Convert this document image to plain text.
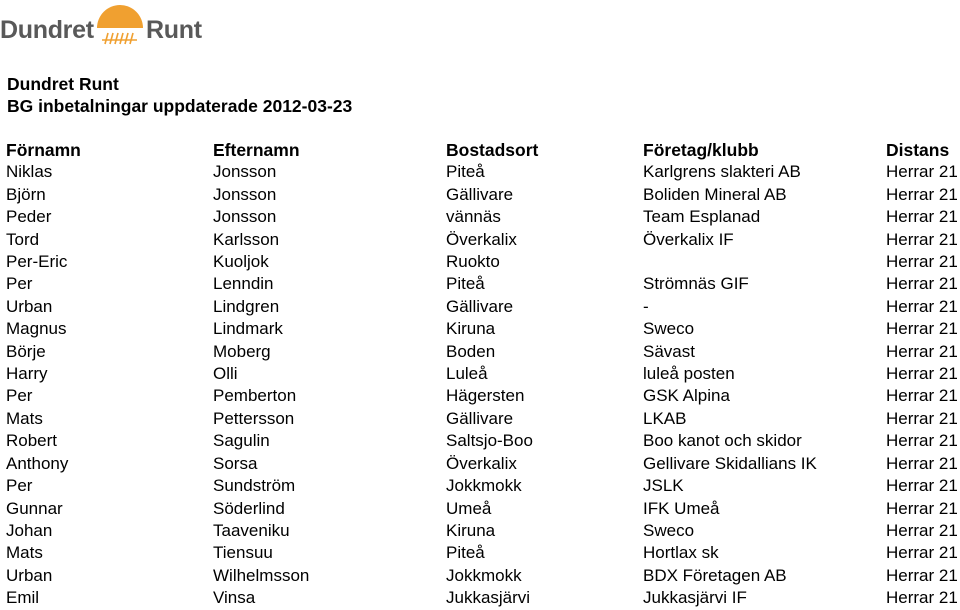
Dundret Runt
Dundret Runt
BG inbetalningar uppdaterade 2012-03-23
Förnamn	Efternamn	Bostadsort	Företag/klubb	Distans
Niklas	Jonsson	Piteå	Karlgrens slakteri AB	Herrar 21
Björn	Jonsson	Gällivare	Boliden Mineral AB	Herrar 21
Peder	Jonsson	vännäs	Team Esplanad	Herrar 21
Tord	Karlsson	Överkalix	Överkalix IF	Herrar 21
Per-Eric	Kuoljok	Ruokto		Herrar 21
Per	Lenndin	Piteå	Strömnäs GIF	Herrar 21
Urban	Lindgren	Gällivare	-	Herrar 21
Magnus	Lindmark	Kiruna	Sweco	Herrar 21
Börje	Moberg	Boden	Sävast	Herrar 21
Harry	Olli	Luleå	luleå posten	Herrar 21
Per	Pemberton	Hägersten	GSK Alpina	Herrar 21
Mats	Pettersson	Gällivare	LKAB	Herrar 21
Robert	Sagulin	Saltsjo-Boo	Boo kanot och skidor	Herrar 21
Anthony	Sorsa	Överkalix	Gellivare Skidallians IK	Herrar 21
Per	Sundström	Jokkmokk	JSLK	Herrar 21
Gunnar	Söderlind	Umeå	IFK Umeå	Herrar 21
Johan	Taaveniku	Kiruna	Sweco	Herrar 21
Mats	Tiensuu	Piteå	Hortlax sk	Herrar 21
Urban	Wilhelmsson	Jokkmokk	BDX Företagen AB	Herrar 21
Emil	Vinsa	Jukkasjärvi	Jukkasjärvi IF	Herrar 21
